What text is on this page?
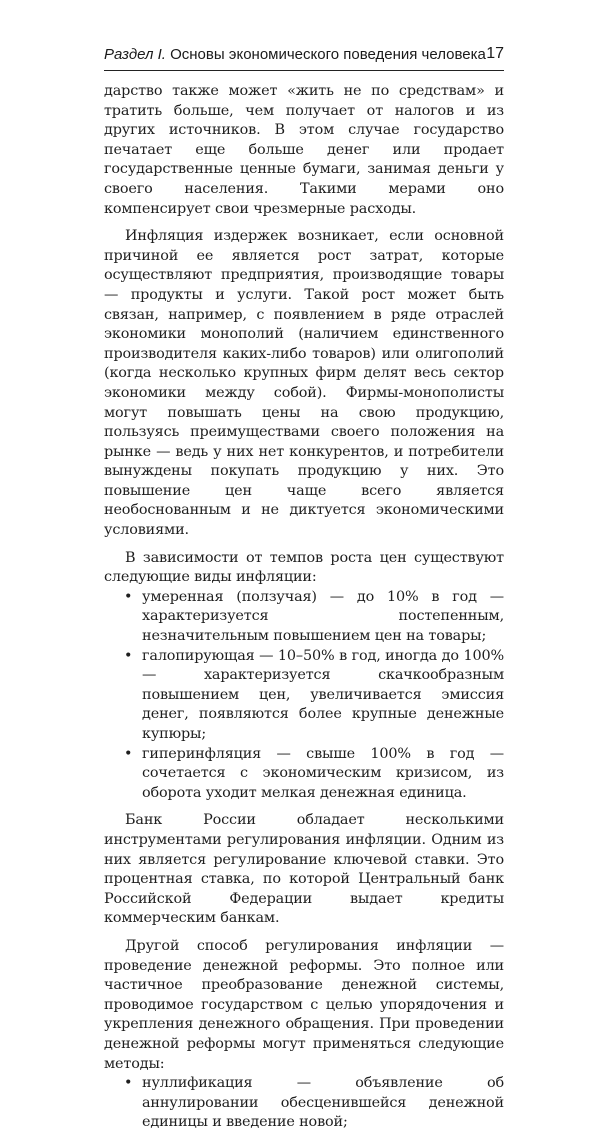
Раздел I. Основы экономического поведения человека 17

дарство также может «жить не по средствам» и тратить больше, чем получает от налогов и из других источников. В этом случае государство печатает еще больше денег или продает государственные ценные бумаги, занимая деньги у своего населения. Такими мерами оно компенсирует свои чрезмерные расходы.

Инфляция издержек возникает, если основной причиной ее является рост затрат, которые осуществляют предприятия, производящие товары — продукты и услуги. Такой рост может быть связан, например, с появлением в ряде отраслей экономики монополий (наличием единственного производителя каких-либо товаров) или олигополий (когда несколько крупных фирм делят весь сектор экономики между собой). Фирмы-монополисты могут повышать цены на свою продукцию, пользуясь преимуществами своего положения на рынке — ведь у них нет конкурентов, и потребители вынуждены покупать продукцию у них. Это повышение цен чаще всего является необоснованным и не диктуется экономическими условиями.

В зависимости от темпов роста цен существуют следующие виды инфляции:

• умеренная (ползучая) — до 10% в год — характеризуется постепенным, незначительным повышением цен на товары;
• галопирующая — 10–50% в год, иногда до 100% — характеризуется скачкообразным повышением цен, увеличивается эмиссия денег, появляются более крупные денежные купюры;
• гиперинфляция — свыше 100% в год — сочетается с экономическим кризисом, из оборота уходит мелкая денежная единица.

Банк России обладает несколькими инструментами регулирования инфляции. Одним из них является регулирование ключевой ставки. Это процентная ставка, по которой Центральный банк Российской Федерации выдает кредиты коммерческим банкам.

Другой способ регулирования инфляции — проведение денежной реформы. Это полное или частичное преобразование денежной системы, проводимое государством с целью упорядочения и укрепления денежного обращения. При проведении денежной реформы могут применяться следующие методы:

• нуллификация — объявление об аннулировании обесценившейся денежной единицы и введение новой;
